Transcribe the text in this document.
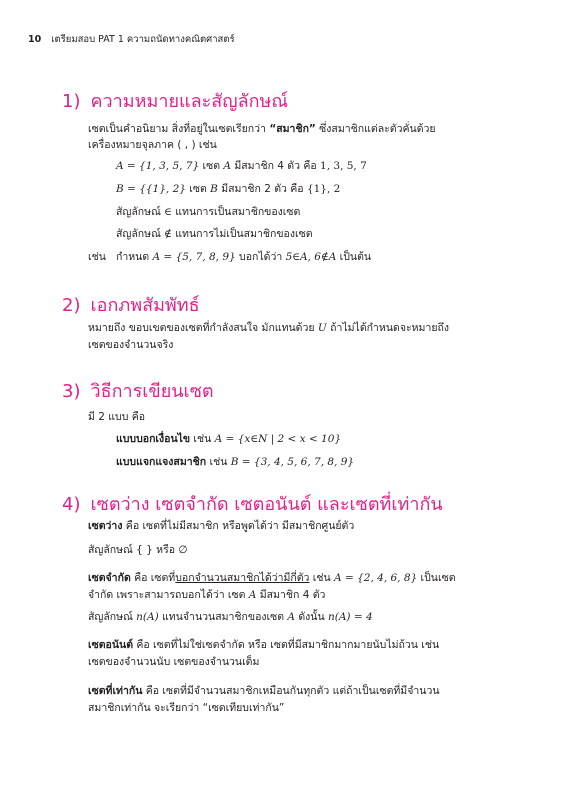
10 เตรียมสอบ PAT 1 ความถนัดทางคณิตศาสตร์
1) ความหมายและสัญลักษณ์
เซตเป็นคำอนิยาม สิ่งที่อยู่ในเซตเรียกว่า “สมาชิก” ซึ่งสมาชิกแต่ละตัวคั่นด้วย
เครื่องหมายจุลภาค ( , ) เช่น
A = {1, 3, 5, 7} เซต A มีสมาชิก 4 ตัว คือ 1, 3, 5, 7
B = {{1}, 2} เซต B มีสมาชิก 2 ตัว คือ {1}, 2
สัญลักษณ์ ∈ แทนการเป็นสมาชิกของเซต
สัญลักษณ์ ∉ แทนการไม่เป็นสมาชิกของเซต
เช่น กำหนด A = {5, 7, 8, 9} บอกได้ว่า 5∈A, 6∉A เป็นต้น
2) เอกภพสัมพัทธ์
หมายถึง ขอบเขตของเซตที่กำลังสนใจ มักแทนด้วย U ถ้าไม่ได้กำหนดจะหมายถึง
เซตของจำนวนจริง
3) วิธีการเขียนเซต
มี 2 แบบ คือ
แบบบอกเงื่อนไข เช่น A = {x∈N | 2 < x < 10}
แบบแจกแจงสมาชิก เช่น B = {3, 4, 5, 6, 7, 8, 9}
4) เซตว่าง เซตจำกัด เซตอนันต์ และเซตที่เท่ากัน
เซตว่าง คือ เซตที่ไม่มีสมาชิก หรือพูดได้ว่า มีสมาชิกศูนย์ตัว
สัญลักษณ์ { } หรือ ∅
เซตจำกัด คือ เซตที่บอกจำนวนสมาชิกได้ว่ามีกี่ตัว เช่น A = {2, 4, 6, 8} เป็นเซต
จำกัด เพราะสามารถบอกได้ว่า เซต A มีสมาชิก 4 ตัว
สัญลักษณ์ n(A) แทนจำนวนสมาชิกของเซต A ดังนั้น n(A) = 4
เซตอนันต์ คือ เซตที่ไม่ใช่เซตจำกัด หรือ เซตที่มีสมาชิกมากมายนับไม่ถ้วน เช่น
เซตของจำนวนนับ เซตของจำนวนเต็ม
เซตที่เท่ากัน คือ เซตที่มีจำนวนสมาชิกเหมือนกันทุกตัว แต่ถ้าเป็นเซตที่มีจำนวน
สมาชิกเท่ากัน จะเรียกว่า “เซตเทียบเท่ากัน”
